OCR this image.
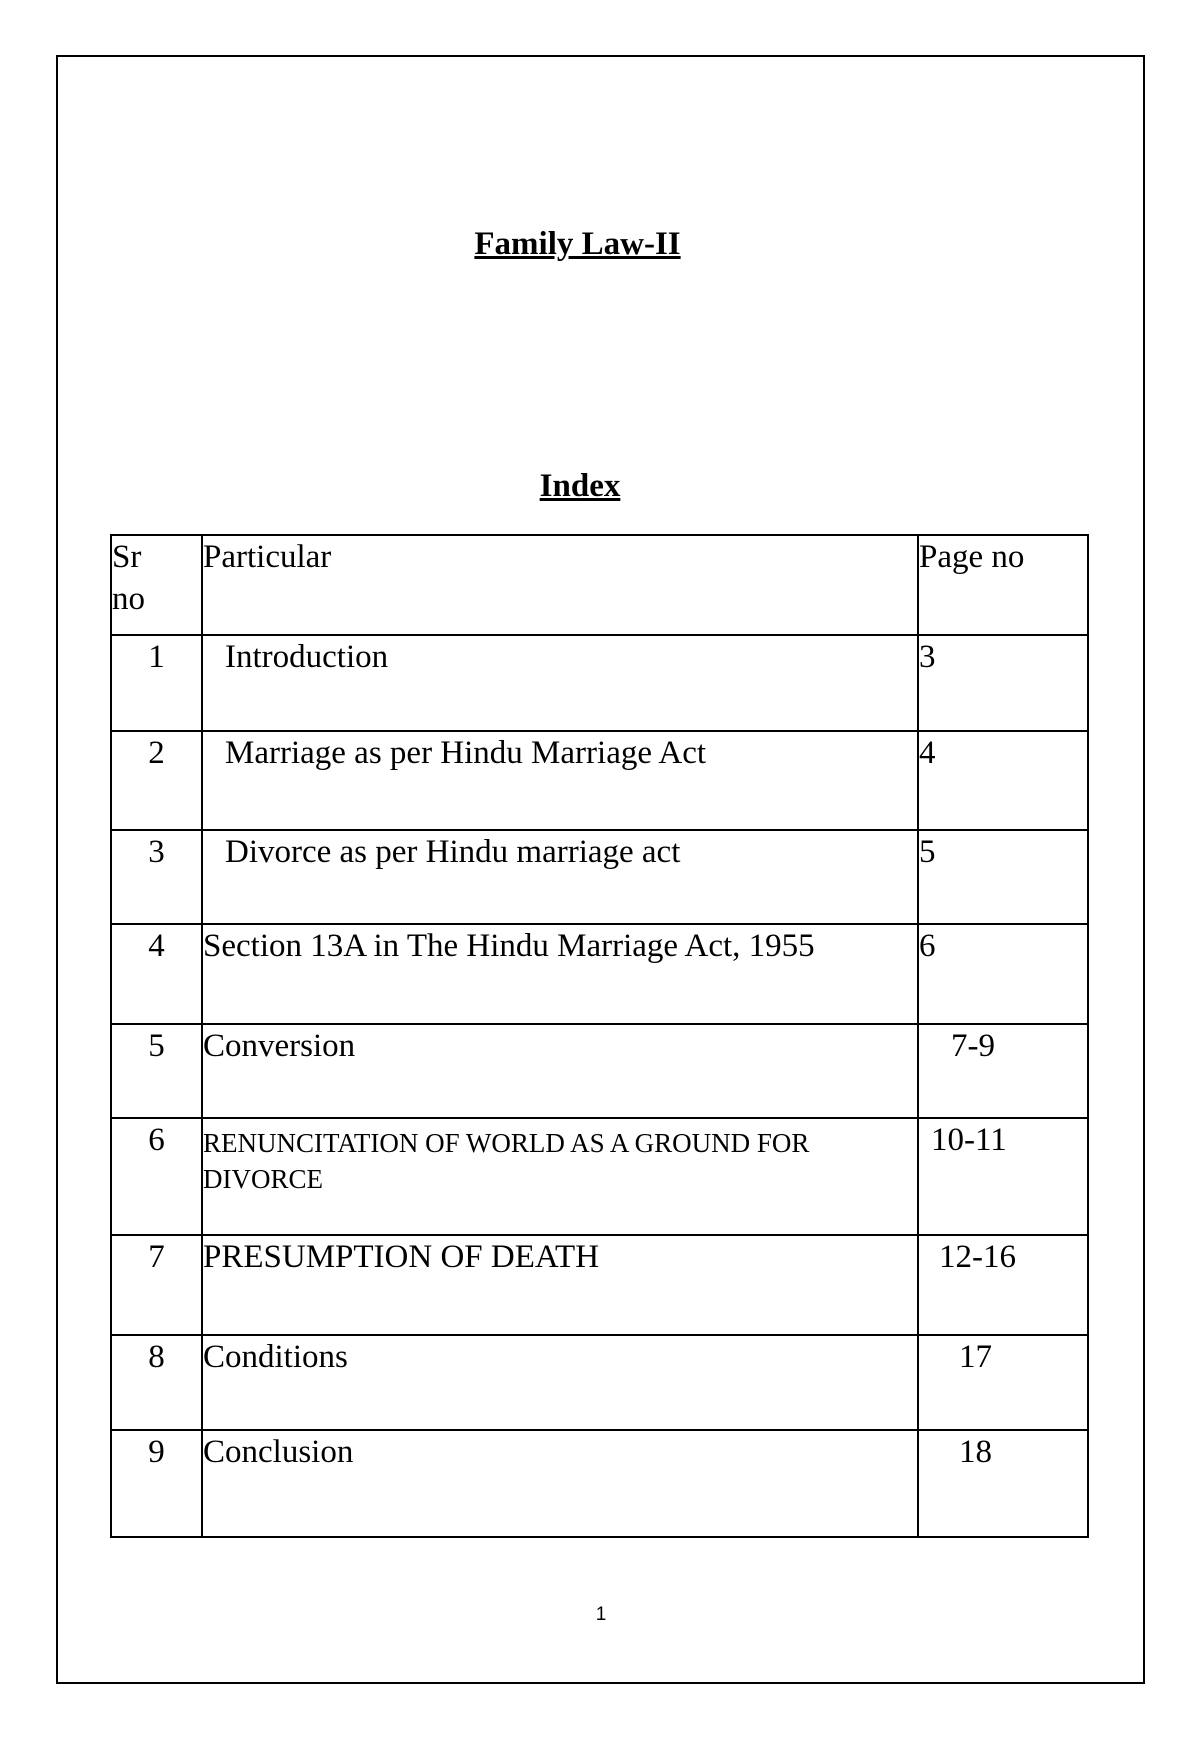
Family Law-II
Index
Sr
no	Particular	Page no
1	Introduction	3
2	Marriage as per Hindu Marriage Act	4
3	Divorce as per Hindu marriage act	5
4	Section 13A in The Hindu Marriage Act, 1955	6
5	Conversion	7-9
6	RENUNCITATION OF WORLD AS A GROUND FOR DIVORCE	10-11
7	PRESUMPTION OF DEATH	12-16
8	Conditions	17
9	Conclusion	18
1
